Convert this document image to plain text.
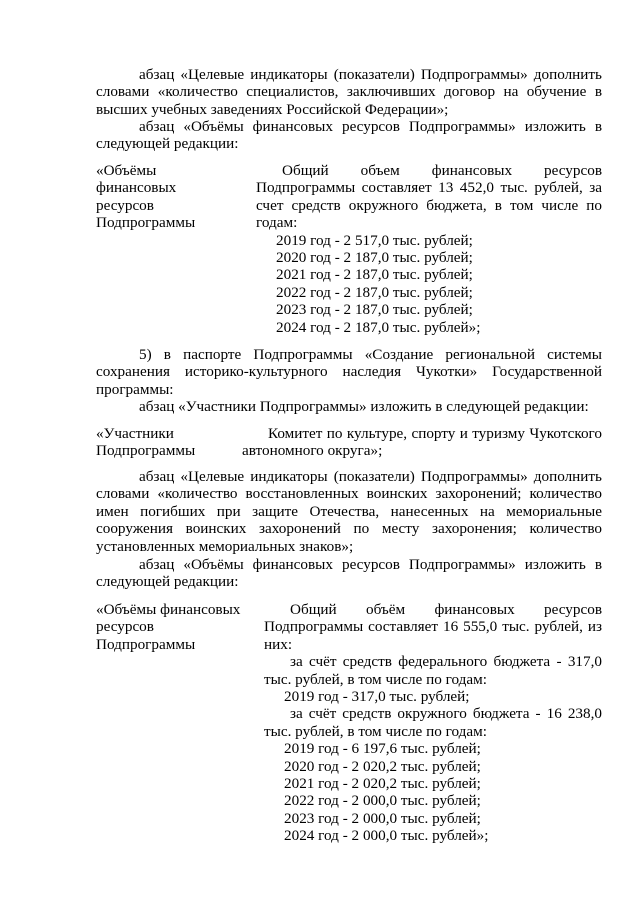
абзац «Целевые индикаторы (показатели) Подпрограммы» дополнить словами «количество специалистов, заключивших договор на обучение в высших учебных заведениях Российской Федерации»;

абзац «Объёмы финансовых ресурсов Подпрограммы» изложить в следующей редакции:

«Объёмы финансовых ресурсов Подпрограммы
Общий объем финансовых ресурсов Подпрограммы составляет 13 452,0 тыс. рублей, за счет средств окружного бюджета, в том числе по годам:
2019 год - 2 517,0 тыс. рублей;
2020 год - 2 187,0 тыс. рублей;
2021 год - 2 187,0 тыс. рублей;
2022 год - 2 187,0 тыс. рублей;
2023 год - 2 187,0 тыс. рублей;
2024 год - 2 187,0 тыс. рублей»;

5) в паспорте Подпрограммы «Создание региональной системы сохранения историко-культурного наследия Чукотки» Государственной программы:

абзац «Участники Подпрограммы» изложить в следующей редакции:

«Участники Подпрограммы
Комитет по культуре, спорту и туризму Чукотского автономного округа»;

абзац «Целевые индикаторы (показатели) Подпрограммы» дополнить словами «количество восстановленных воинских захоронений; количество имен погибших при защите Отечества, нанесенных на мемориальные сооружения воинских захоронений по месту захоронения; количество установленных мемориальных знаков»;

абзац «Объёмы финансовых ресурсов Подпрограммы» изложить в следующей редакции:

«Объёмы финансовых ресурсов Подпрограммы
Общий объём финансовых ресурсов Подпрограммы составляет 16 555,0 тыс. рублей, из них:
за счёт средств федерального бюджета - 317,0 тыс. рублей, в том числе по годам:
2019 год - 317,0 тыс. рублей;
за счёт средств окружного бюджета - 16 238,0 тыс. рублей, в том числе по годам:
2019 год - 6 197,6 тыс. рублей;
2020 год - 2 020,2 тыс. рублей;
2021 год - 2 020,2 тыс. рублей;
2022 год - 2 000,0 тыс. рублей;
2023 год - 2 000,0 тыс. рублей;
2024 год - 2 000,0 тыс. рублей»;
